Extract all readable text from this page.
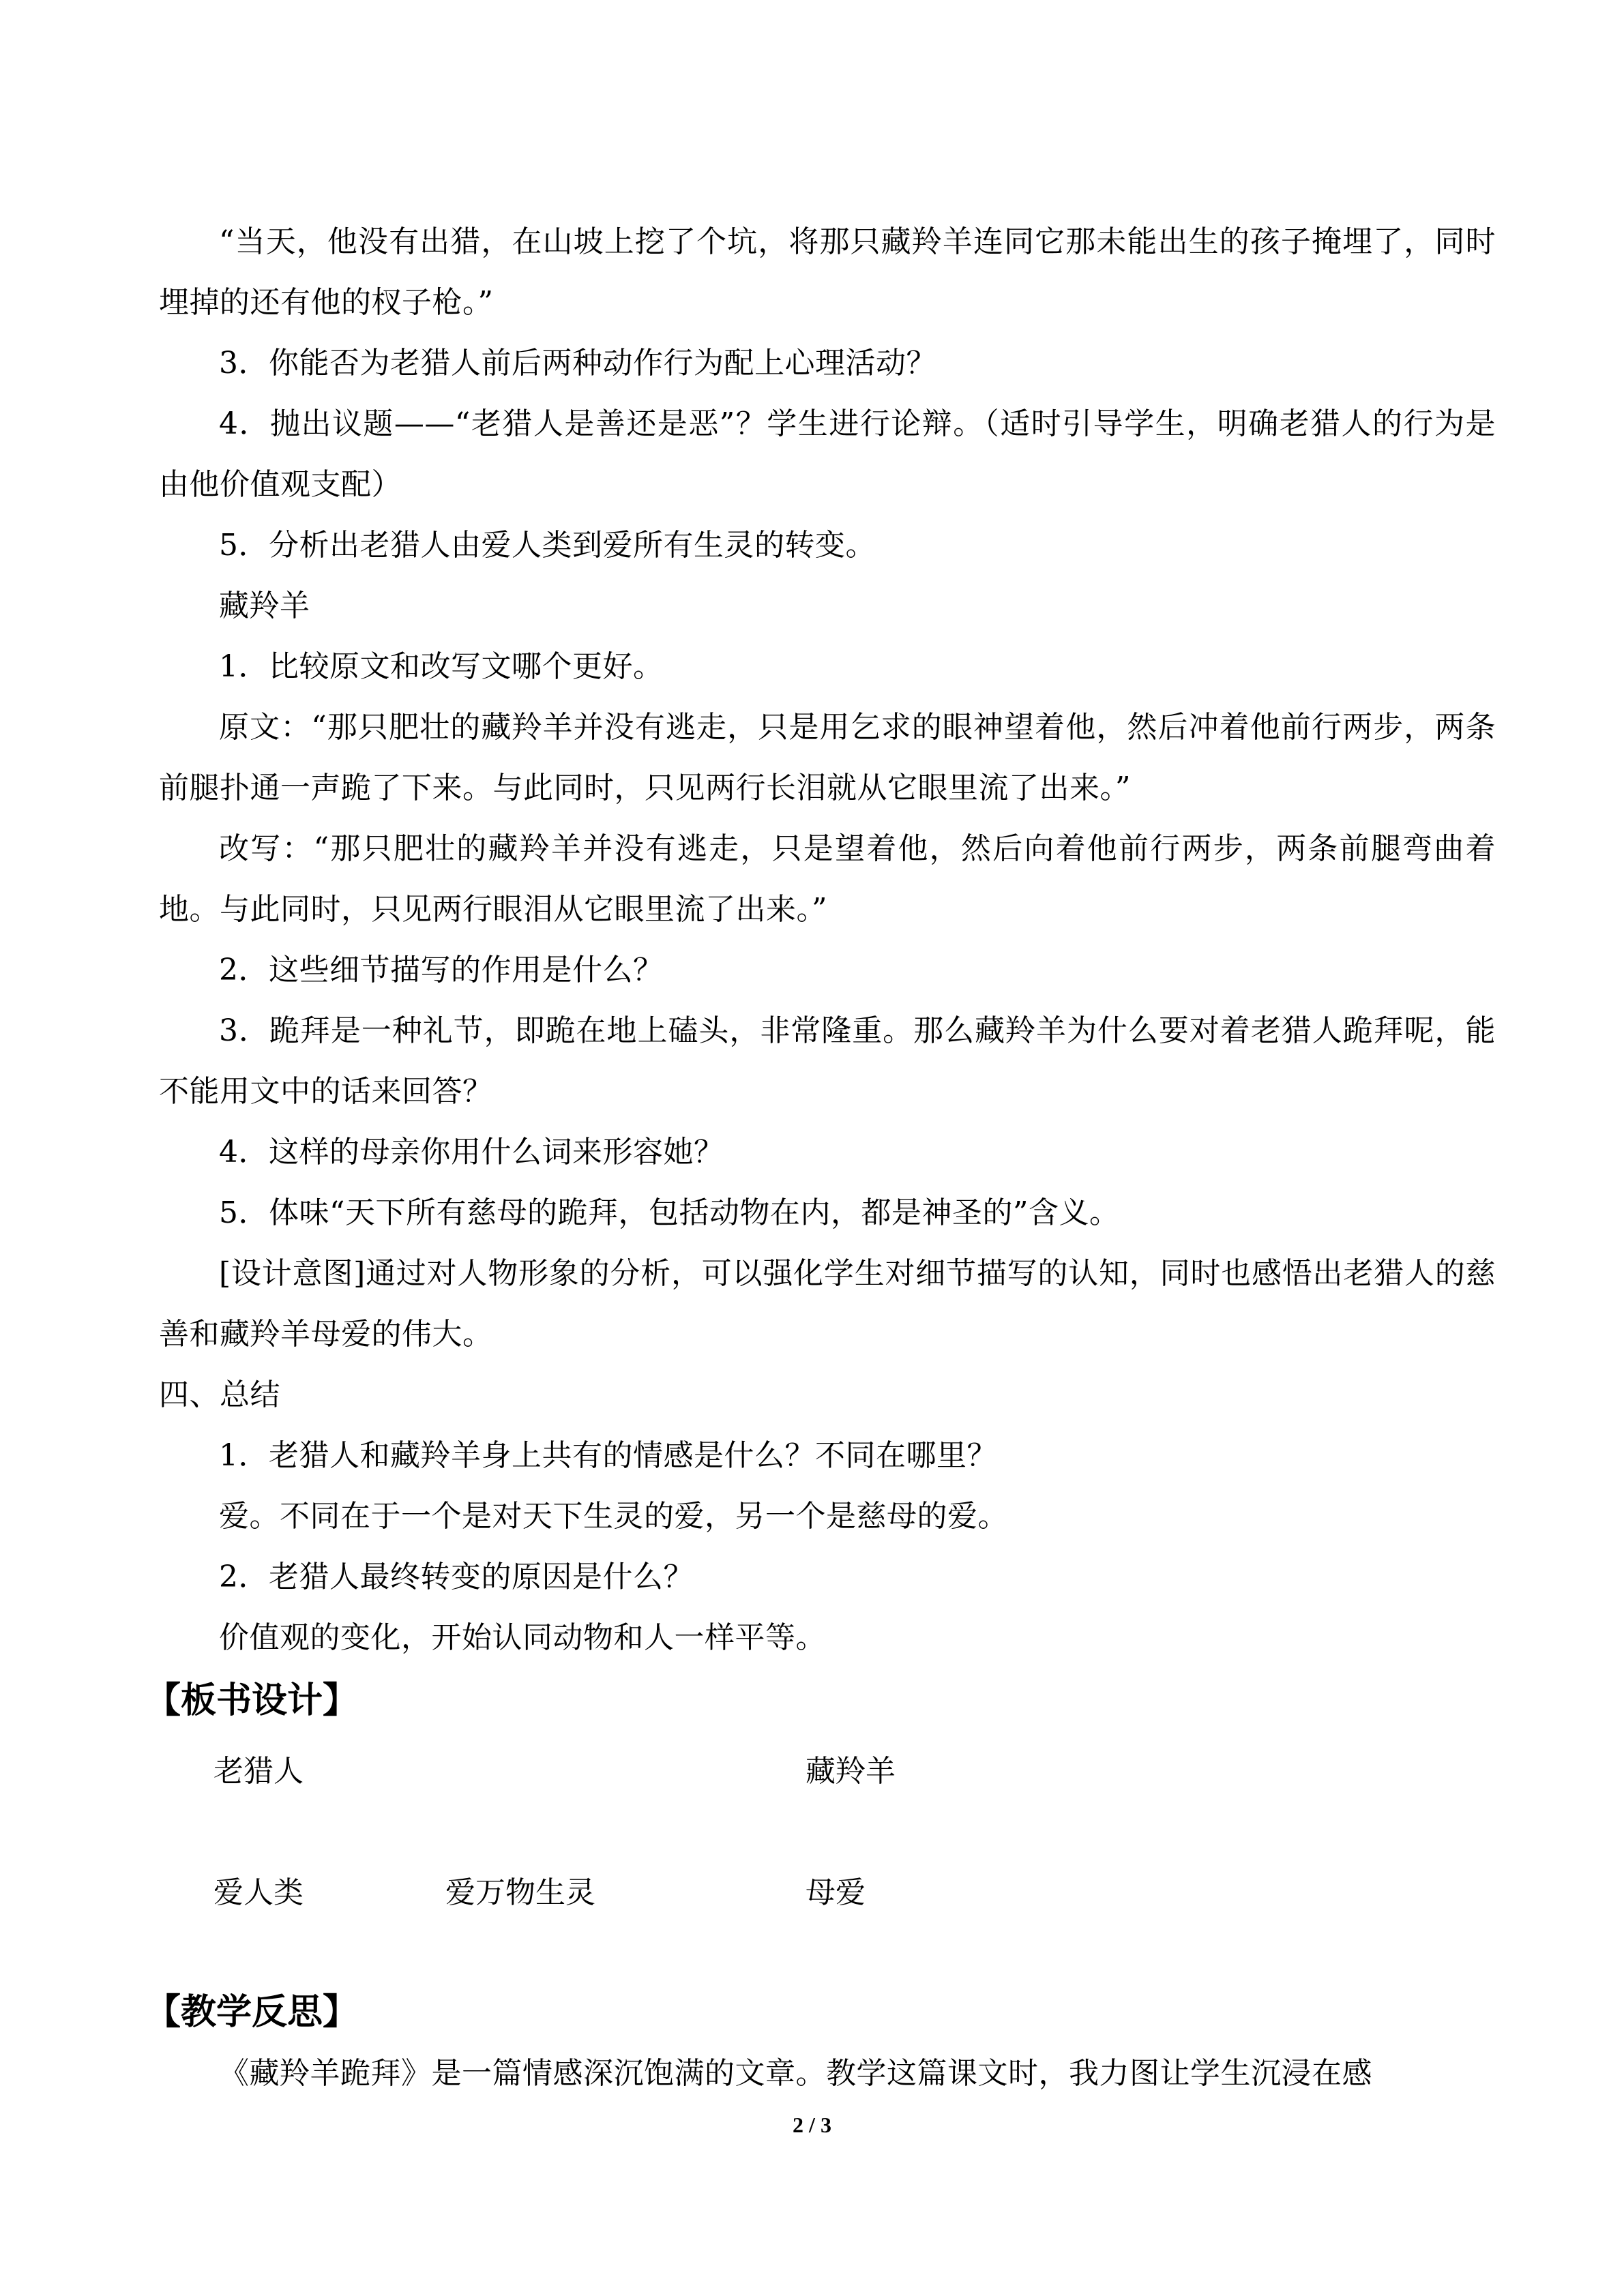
“当天，他没有出猎，在山坡上挖了个坑，将那只藏羚羊连同它那未能出生的孩子掩埋了，同时埋掉的还有他的杈子枪。”

3．你能否为老猎人前后两种动作行为配上心理活动？

4．抛出议题——“老猎人是善还是恶”？学生进行论辩。（适时引导学生，明确老猎人的行为是由他价值观支配）

5．分析出老猎人由爱人类到爱所有生灵的转变。

藏羚羊

1．比较原文和改写文哪个更好。

原文：“那只肥壮的藏羚羊并没有逃走，只是用乞求的眼神望着他，然后冲着他前行两步，两条前腿扑通一声跪了下来。与此同时，只见两行长泪就从它眼里流了出来。”

改写：“那只肥壮的藏羚羊并没有逃走，只是望着他，然后向着他前行两步，两条前腿弯曲着地。与此同时，只见两行眼泪从它眼里流了出来。”

2．这些细节描写的作用是什么？

3．跪拜是一种礼节，即跪在地上磕头，非常隆重。那么藏羚羊为什么要对着老猎人跪拜呢，能不能用文中的话来回答？

4．这样的母亲你用什么词来形容她？

5．体味“天下所有慈母的跪拜，包括动物在内，都是神圣的”含义。

[设计意图]通过对人物形象的分析，可以强化学生对细节描写的认知，同时也感悟出老猎人的慈善和藏羚羊母爱的伟大。

四、总结

1．老猎人和藏羚羊身上共有的情感是什么？不同在哪里？

爱。不同在于一个是对天下生灵的爱，另一个是慈母的爱。

2．老猎人最终转变的原因是什么？

价值观的变化，开始认同动物和人一样平等。

【板书设计】

老猎人	藏羚羊
爱人类	爱万物生灵	母爱

【教学反思】

《藏羚羊跪拜》是一篇情感深沉饱满的文章。教学这篇课文时，我力图让学生沉浸在感

2 / 3
